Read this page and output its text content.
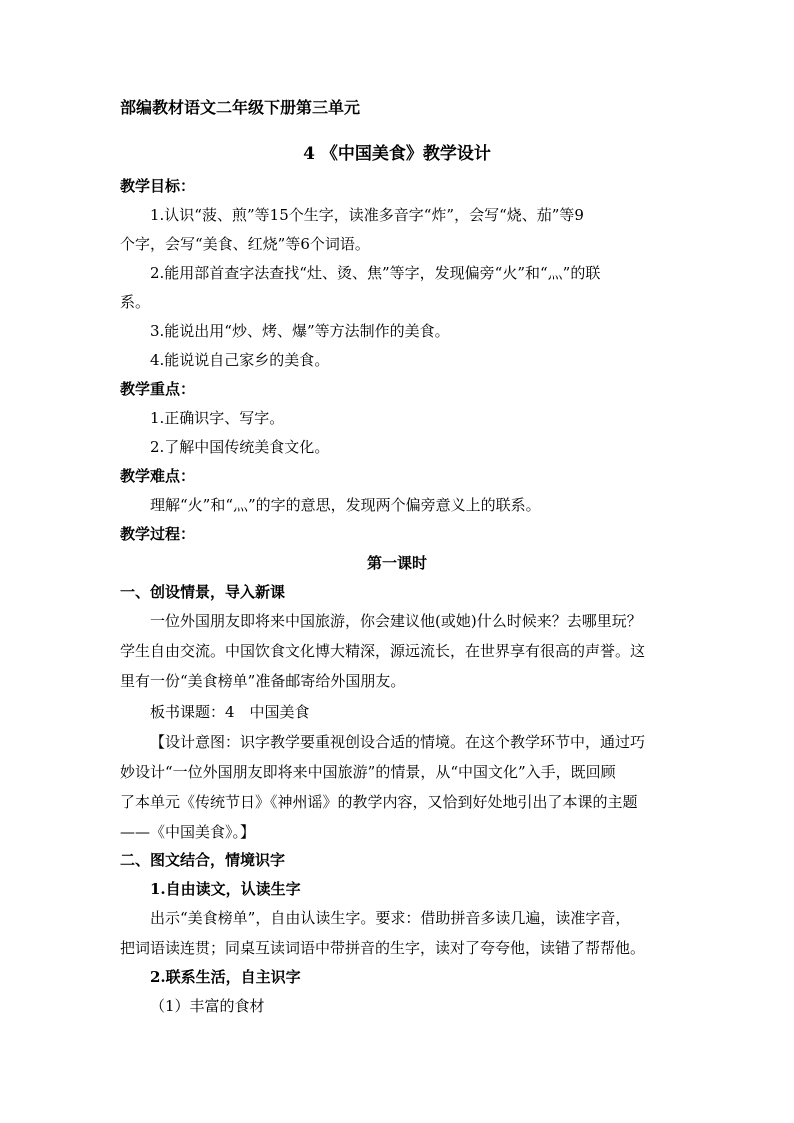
部编教材语文二年级下册第三单元
4 《中国美食》教学设计
教学目标：
1.认识“菠、煎”等15个生字，读准多音字“炸”，会写“烧、茄”等9
个字，会写“美食、红烧”等6个词语。
2.能用部首查字法查找“灶、烫、焦”等字，发现偏旁“火”和“灬”的联
系。
3.能说出用“炒、烤、爆”等方法制作的美食。
4.能说说自己家乡的美食。
教学重点：
1.正确识字、写字。
2.了解中国传统美食文化。
教学难点：
理解“火”和“灬”的字的意思，发现两个偏旁意义上的联系。
教学过程：
第一课时
一、创设情景，导入新课
一位外国朋友即将来中国旅游，你会建议他(或她)什么时候来？去哪里玩？
学生自由交流。中国饮食文化博大精深，源远流长，在世界享有很高的声誉。这
里有一份“美食榜单”准备邮寄给外国朋友。
板书课题：4　中国美食
【设计意图：识字教学要重视创设合适的情境。在这个教学环节中，通过巧
妙设计“一位外国朋友即将来中国旅游”的情景，从“中国文化”入手，既回顾
了本单元《传统节日》《神州谣》的教学内容，又恰到好处地引出了本课的主题
——《中国美食》。】
二、图文结合，情境识字
1.自由读文，认读生字
出示“美食榜单”，自由认读生字。要求：借助拼音多读几遍，读准字音，
把词语读连贯；同桌互读词语中带拼音的生字，读对了夸夸他，读错了帮帮他。
2.联系生活，自主识字
（1）丰富的食材
